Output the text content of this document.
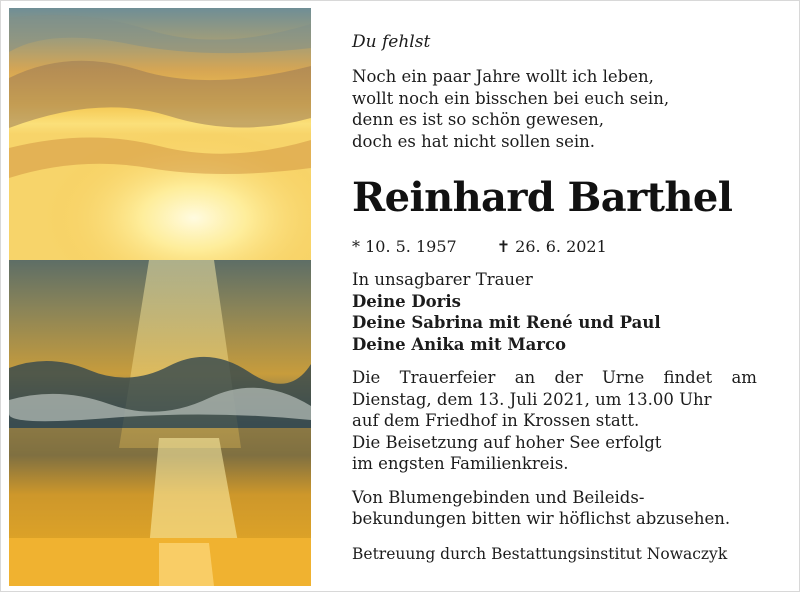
Du fehlst
Noch ein paar Jahre wollt ich leben,
wollt noch ein bisschen bei euch sein,
denn es ist so schön gewesen,
doch es hat nicht sollen sein.
Reinhard Barthel
* 10. 5. 1957	✝ 26. 6. 2021
In unsagbarer Trauer
Deine Doris
Deine Sabrina mit René und Paul
Deine Anika mit Marco
Die Trauerfeier an der Urne findet am
Dienstag, dem 13. Juli 2021, um 13.00 Uhr
auf dem Friedhof in Krossen statt.
Die Beisetzung auf hoher See erfolgt
im engsten Familienkreis.
Von Blumengebinden und Beileids-
bekundungen bitten wir höflichst abzusehen.
Betreuung durch Bestattungsinstitut Nowaczyk
